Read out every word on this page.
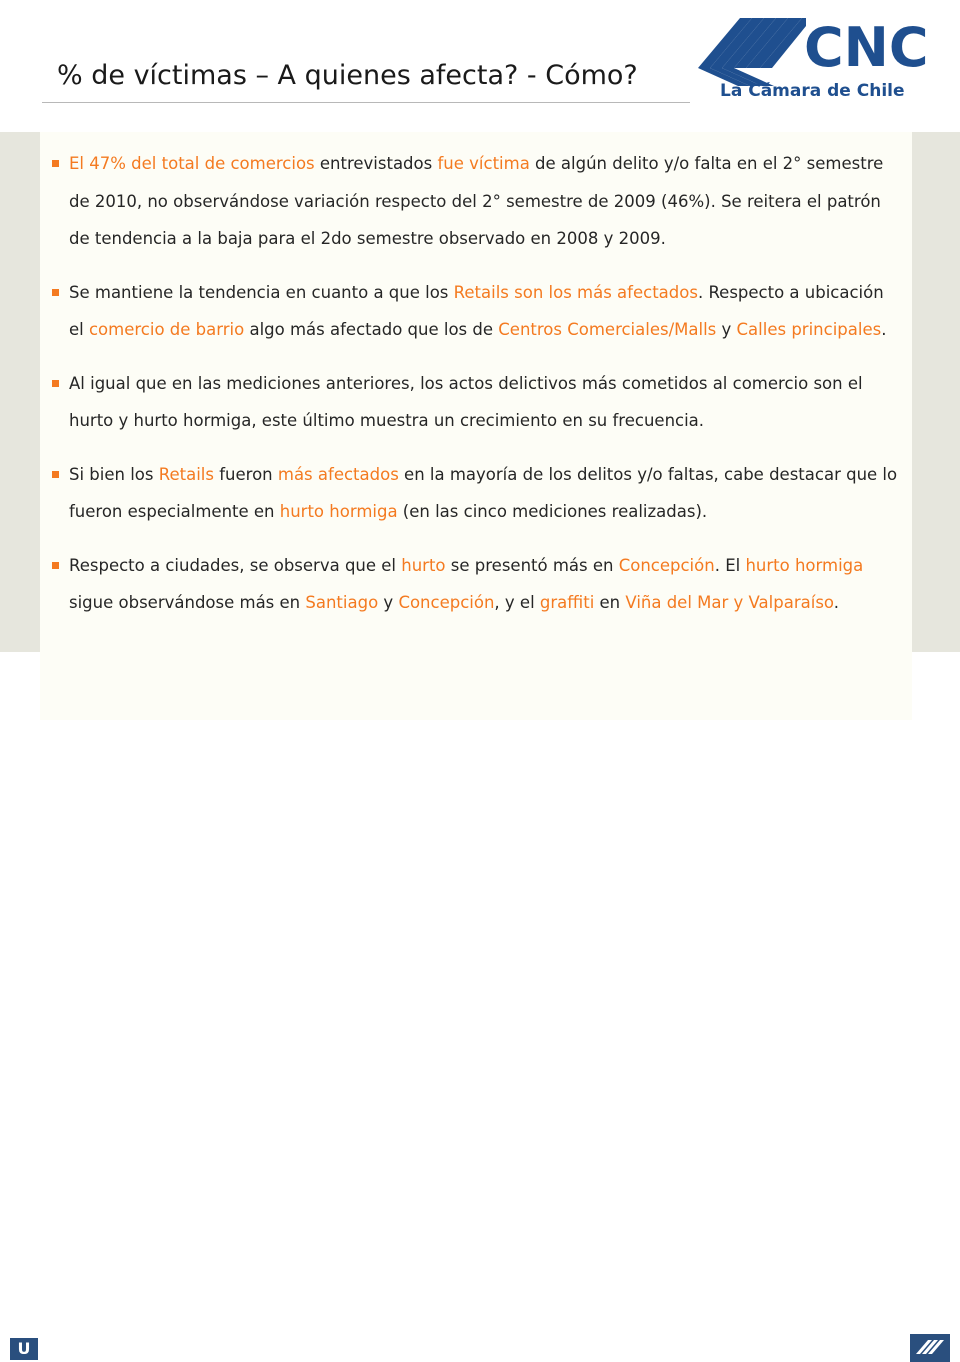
% de víctimas – A quienes afecta? - Cómo?	CNC
La Cámara de Chile
U
El 47% del total de comercios entrevistados fue víctima de algún delito y/o falta en el 2° semestre de 2010, no observándose variación respecto del 2° semestre de 2009 (46%). Se reitera el patrón de tendencia a la baja para el 2do semestre observado en 2008 y 2009.
Se mantiene la tendencia en cuanto a que los Retails son los más afectados. Respecto a ubicación el comercio de barrio algo más afectado que los de Centros Comerciales/Malls y Calles principales.
Al igual que en las mediciones anteriores, los actos delictivos más cometidos al comercio son el hurto y hurto hormiga, este último muestra un crecimiento en su frecuencia.
Si bien los Retails fueron más afectados en la mayoría de los delitos y/o faltas, cabe destacar que lo fueron especialmente en hurto hormiga (en las cinco mediciones realizadas).
Respecto a ciudades, se observa que el hurto se presentó más en Concepción. El hurto hormiga sigue observándose más en Santiago y Concepción, y el graffiti en Viña del Mar y Valparaíso.
